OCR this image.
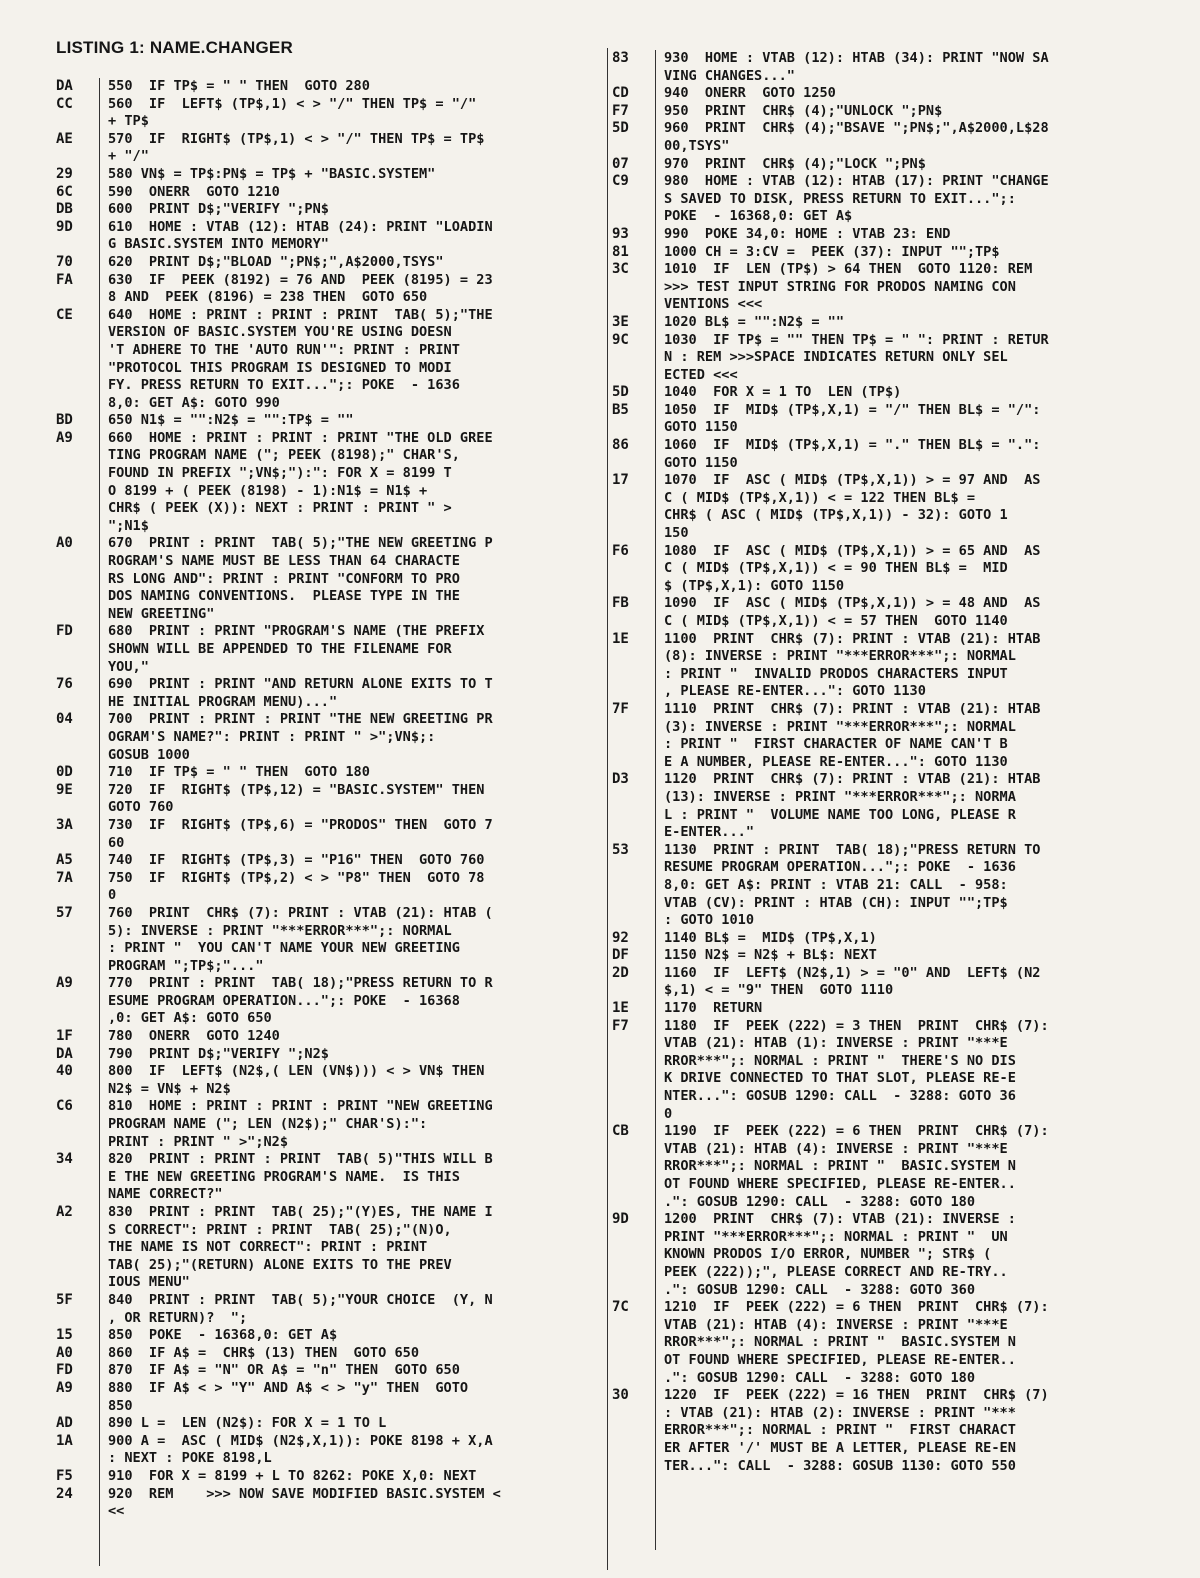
LISTING 1: NAME.CHANGER
DA	550  IF TP$ = " " THEN  GOTO 280
CC	560  IF  LEFT$ (TP$,1) < > "/" THEN TP$ = "/"
+ TP$
AE	570  IF  RIGHT$ (TP$,1) < > "/" THEN TP$ = TP$
+ "/"
29	580 VN$ = TP$:PN$ = TP$ + "BASIC.SYSTEM"
6C	590  ONERR  GOTO 1210
DB	600  PRINT D$;"VERIFY ";PN$
9D	610  HOME : VTAB (12): HTAB (24): PRINT "LOADIN
G BASIC.SYSTEM INTO MEMORY"
70	620  PRINT D$;"BLOAD ";PN$;",A$2000,TSYS"
FA	630  IF  PEEK (8192) = 76 AND  PEEK (8195) = 23
8 AND  PEEK (8196) = 238 THEN  GOTO 650
CE	640  HOME : PRINT : PRINT : PRINT  TAB( 5);"THE
VERSION OF BASIC.SYSTEM YOU'RE USING DOESN
'T ADHERE TO THE 'AUTO RUN'": PRINT : PRINT
"PROTOCOL THIS PROGRAM IS DESIGNED TO MODI
FY. PRESS RETURN TO EXIT...";: POKE  - 1636
8,0: GET A$: GOTO 990
BD	650 N1$ = "":N2$ = "":TP$ = ""
A9	660  HOME : PRINT : PRINT : PRINT "THE OLD GREE
TING PROGRAM NAME ("; PEEK (8198);" CHAR'S,
FOUND IN PREFIX ";VN$;"):": FOR X = 8199 T
O 8199 + ( PEEK (8198) - 1):N1$ = N1$ +
CHR$ ( PEEK (X)): NEXT : PRINT : PRINT " >
";N1$
A0	670  PRINT : PRINT  TAB( 5);"THE NEW GREETING P
ROGRAM'S NAME MUST BE LESS THAN 64 CHARACTE
RS LONG AND": PRINT : PRINT "CONFORM TO PRO
DOS NAMING CONVENTIONS.  PLEASE TYPE IN THE
NEW GREETING"
FD	680  PRINT : PRINT "PROGRAM'S NAME (THE PREFIX
SHOWN WILL BE APPENDED TO THE FILENAME FOR
YOU,"
76	690  PRINT : PRINT "AND RETURN ALONE EXITS TO T
HE INITIAL PROGRAM MENU)..."
04	700  PRINT : PRINT : PRINT "THE NEW GREETING PR
OGRAM'S NAME?": PRINT : PRINT " >";VN$;:
GOSUB 1000
0D	710  IF TP$ = " " THEN  GOTO 180
9E	720  IF  RIGHT$ (TP$,12) = "BASIC.SYSTEM" THEN
GOTO 760
3A	730  IF  RIGHT$ (TP$,6) = "PRODOS" THEN  GOTO 7
60
A5	740  IF  RIGHT$ (TP$,3) = "P16" THEN  GOTO 760
7A	750  IF  RIGHT$ (TP$,2) < > "P8" THEN  GOTO 78
0
57	760  PRINT  CHR$ (7): PRINT : VTAB (21): HTAB (
5): INVERSE : PRINT "***ERROR***";: NORMAL
: PRINT "  YOU CAN'T NAME YOUR NEW GREETING
PROGRAM ";TP$;"..."
A9	770  PRINT : PRINT  TAB( 18);"PRESS RETURN TO R
ESUME PROGRAM OPERATION...";: POKE  - 16368
,0: GET A$: GOTO 650
1F	780  ONERR  GOTO 1240
DA	790  PRINT D$;"VERIFY ";N2$
40	800  IF  LEFT$ (N2$,( LEN (VN$))) < > VN$ THEN
N2$ = VN$ + N2$
C6	810  HOME : PRINT : PRINT : PRINT "NEW GREETING
PROGRAM NAME ("; LEN (N2$);" CHAR'S):":
PRINT : PRINT " >";N2$
34	820  PRINT : PRINT : PRINT  TAB( 5)"THIS WILL B
E THE NEW GREETING PROGRAM'S NAME.  IS THIS
NAME CORRECT?"
A2	830  PRINT : PRINT  TAB( 25);"(Y)ES, THE NAME I
S CORRECT": PRINT : PRINT  TAB( 25);"(N)O,
THE NAME IS NOT CORRECT": PRINT : PRINT
TAB( 25);"(RETURN) ALONE EXITS TO THE PREV
IOUS MENU"
5F	840  PRINT : PRINT  TAB( 5);"YOUR CHOICE  (Y, N
, OR RETURN)?  ";
15	850  POKE  - 16368,0: GET A$
A0	860  IF A$ =  CHR$ (13) THEN  GOTO 650
FD	870  IF A$ = "N" OR A$ = "n" THEN  GOTO 650
A9	880  IF A$ < > "Y" AND A$ < > "y" THEN  GOTO
850
AD	890 L =  LEN (N2$): FOR X = 1 TO L
1A	900 A =  ASC ( MID$ (N2$,X,1)): POKE 8198 + X,A
: NEXT : POKE 8198,L
F5	910  FOR X = 8199 + L TO 8262: POKE X,0: NEXT
24	920  REM    >>> NOW SAVE MODIFIED BASIC.SYSTEM <
<<
83	930  HOME : VTAB (12): HTAB (34): PRINT "NOW SA
VING CHANGES..."
CD	940  ONERR  GOTO 1250
F7	950  PRINT  CHR$ (4);"UNLOCK ";PN$
5D	960  PRINT  CHR$ (4);"BSAVE ";PN$;",A$2000,L$28
00,TSYS"
07	970  PRINT  CHR$ (4);"LOCK ";PN$
C9	980  HOME : VTAB (12): HTAB (17): PRINT "CHANGE
S SAVED TO DISK, PRESS RETURN TO EXIT...";:
POKE  - 16368,0: GET A$
93	990  POKE 34,0: HOME : VTAB 23: END
81	1000 CH = 3:CV =  PEEK (37): INPUT "";TP$
3C	1010  IF  LEN (TP$) > 64 THEN  GOTO 1120: REM
>>> TEST INPUT STRING FOR PRODOS NAMING CON
VENTIONS <<<
3E	1020 BL$ = "":N2$ = ""
9C	1030  IF TP$ = "" THEN TP$ = " ": PRINT : RETUR
N : REM >>>SPACE INDICATES RETURN ONLY SEL
ECTED <<<
5D	1040  FOR X = 1 TO  LEN (TP$)
B5	1050  IF  MID$ (TP$,X,1) = "/" THEN BL$ = "/":
GOTO 1150
86	1060  IF  MID$ (TP$,X,1) = "." THEN BL$ = ".":
GOTO 1150
17	1070  IF  ASC ( MID$ (TP$,X,1)) > = 97 AND  AS
C ( MID$ (TP$,X,1)) < = 122 THEN BL$ =
CHR$ ( ASC ( MID$ (TP$,X,1)) - 32): GOTO 1
150
F6	1080  IF  ASC ( MID$ (TP$,X,1)) > = 65 AND  AS
C ( MID$ (TP$,X,1)) < = 90 THEN BL$ =  MID
$ (TP$,X,1): GOTO 1150
FB	1090  IF  ASC ( MID$ (TP$,X,1)) > = 48 AND  AS
C ( MID$ (TP$,X,1)) < = 57 THEN  GOTO 1140
1E	1100  PRINT  CHR$ (7): PRINT : VTAB (21): HTAB
(8): INVERSE : PRINT "***ERROR***";: NORMAL
: PRINT "  INVALID PRODOS CHARACTERS INPUT
, PLEASE RE-ENTER...": GOTO 1130
7F	1110  PRINT  CHR$ (7): PRINT : VTAB (21): HTAB
(3): INVERSE : PRINT "***ERROR***";: NORMAL
: PRINT "  FIRST CHARACTER OF NAME CAN'T B
E A NUMBER, PLEASE RE-ENTER...": GOTO 1130
D3	1120  PRINT  CHR$ (7): PRINT : VTAB (21): HTAB
(13): INVERSE : PRINT "***ERROR***";: NORMA
L : PRINT "  VOLUME NAME TOO LONG, PLEASE R
E-ENTER..."
53	1130  PRINT : PRINT  TAB( 18);"PRESS RETURN TO
RESUME PROGRAM OPERATION...";: POKE  - 1636
8,0: GET A$: PRINT : VTAB 21: CALL  - 958:
VTAB (CV): PRINT : HTAB (CH): INPUT "";TP$
: GOTO 1010
92	1140 BL$ =  MID$ (TP$,X,1)
DF	1150 N2$ = N2$ + BL$: NEXT
2D	1160  IF  LEFT$ (N2$,1) > = "0" AND  LEFT$ (N2
$,1) < = "9" THEN  GOTO 1110
1E	1170  RETURN
F7	1180  IF  PEEK (222) = 3 THEN  PRINT  CHR$ (7):
VTAB (21): HTAB (1): INVERSE : PRINT "***E
RROR***";: NORMAL : PRINT "  THERE'S NO DIS
K DRIVE CONNECTED TO THAT SLOT, PLEASE RE-E
NTER...": GOSUB 1290: CALL  - 3288: GOTO 36
0
CB	1190  IF  PEEK (222) = 6 THEN  PRINT  CHR$ (7):
VTAB (21): HTAB (4): INVERSE : PRINT "***E
RROR***";: NORMAL : PRINT "  BASIC.SYSTEM N
OT FOUND WHERE SPECIFIED, PLEASE RE-ENTER..
.": GOSUB 1290: CALL  - 3288: GOTO 180
9D	1200  PRINT  CHR$ (7): VTAB (21): INVERSE :
PRINT "***ERROR***";: NORMAL : PRINT "  UN
KNOWN PRODOS I/O ERROR, NUMBER "; STR$ (
PEEK (222));", PLEASE CORRECT AND RE-TRY..
.": GOSUB 1290: CALL  - 3288: GOTO 360
7C	1210  IF  PEEK (222) = 6 THEN  PRINT  CHR$ (7):
VTAB (21): HTAB (4): INVERSE : PRINT "***E
RROR***";: NORMAL : PRINT "  BASIC.SYSTEM N
OT FOUND WHERE SPECIFIED, PLEASE RE-ENTER..
.": GOSUB 1290: CALL  - 3288: GOTO 180
30	1220  IF  PEEK (222) = 16 THEN  PRINT  CHR$ (7)
: VTAB (21): HTAB (2): INVERSE : PRINT "***
ERROR***";: NORMAL : PRINT "  FIRST CHARACT
ER AFTER '/' MUST BE A LETTER, PLEASE RE-EN
TER...": CALL  - 3288: GOSUB 1130: GOTO 550
